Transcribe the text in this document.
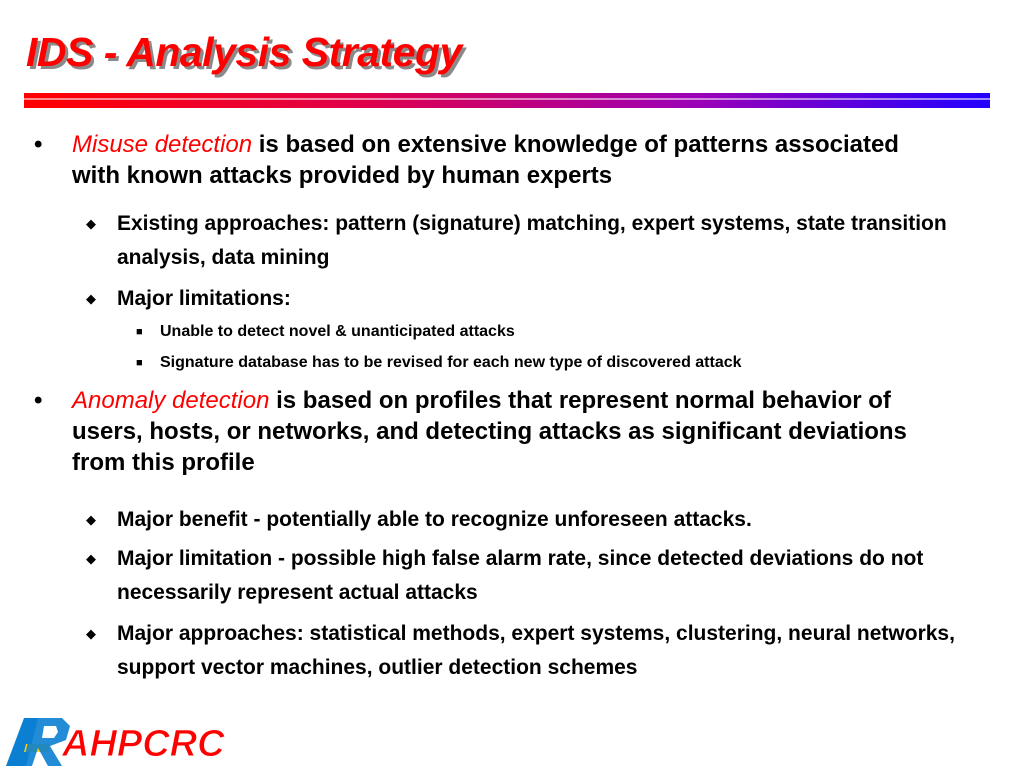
IDS - Analysis Strategy
•	Misuse detection is based on extensive knowledge of patterns associated with known attacks provided by human experts
◆	Existing approaches: pattern (signature) matching, expert systems, state transition analysis, data mining
◆	Major limitations:
■	Unable to detect novel & unanticipated attacks
■	Signature database has to be revised for each new type of discovered attack
•	Anomaly detection is based on profiles that represent normal behavior of users, hosts, or networks, and detecting attacks as significant deviations from this profile
◆	Major benefit - potentially able to recognize unforeseen attacks.
◆	Major limitation - possible high false alarm rate, since detected deviations do not necessarily represent actual attacks
◆	Major approaches: statistical methods, expert systems, clustering, neural networks, support vector machines, outlier detection schemes
AHPCRC
